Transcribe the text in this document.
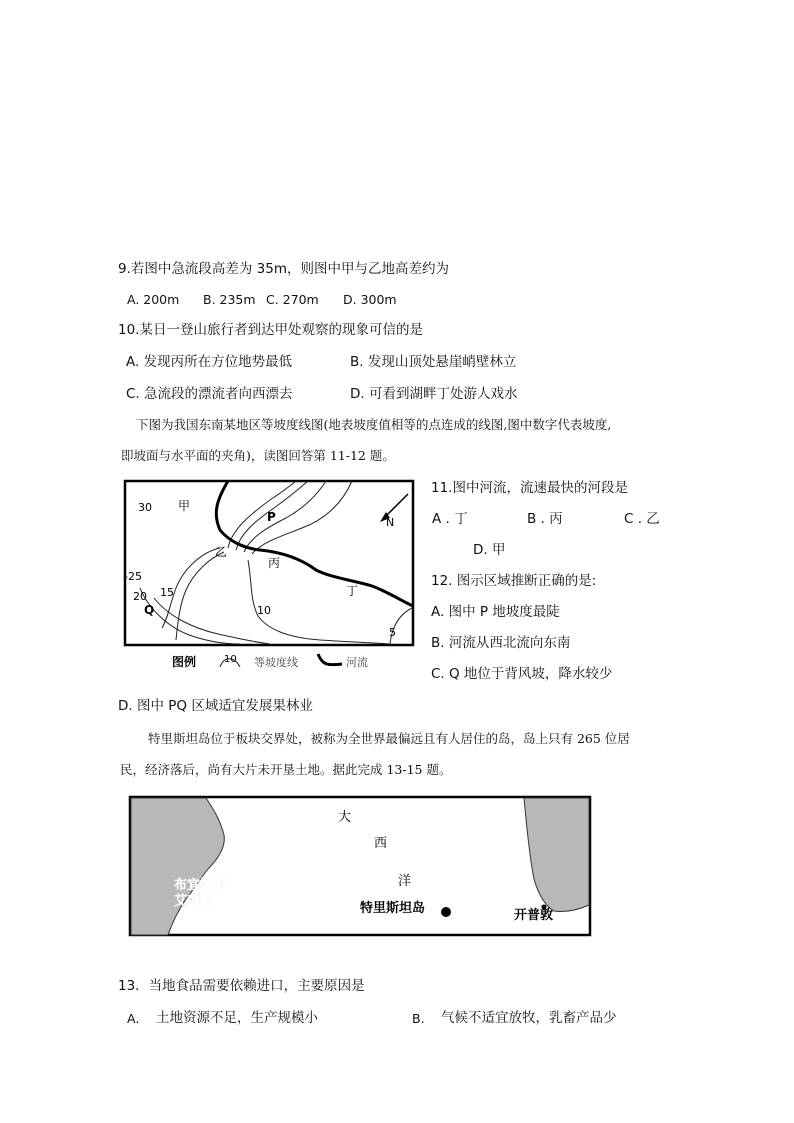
9.若图中急流段高差为 35m，则图中甲与乙地高差约为
A. 200m B. 235m C. 270m D. 300m
10.某日一登山旅行者到达甲处观察的现象可信的是
A. 发现丙所在方位地势最低	B. 发现山顶处悬崖峭壁林立
C. 急流段的漂流者向西漂去	D. 可看到湖畔丁处游人戏水
下图为我国东南某地区等坡度线图(地表坡度值相等的点连成的线图,图中数字代表坡度,
即坡面与水平面的夹角)，读图回答第 11-12 题。
30 甲
P
乙
丙
丁
N
-25
20
Q
15
10
5
图例	10 等坡度线	河流
11.图中河流，流速最快的河段是
A . 丁	B . 丙	C . 乙
D. 甲
12. 图示区域推断正确的是:
A. 图中 P 地坡度最陡
B. 河流从西北流向东南
C. Q 地位于背风坡，降水较少
D. 图中 PQ 区域适宜发展果林业
特里斯坦岛位于板块交界处，被称为全世界最偏远且有人居住的岛，岛上只有 265 位居
民，经济落后，尚有大片未开垦土地。据此完成 13-15 题。
大
西
洋
布宜诺斯
艾利斯	特里斯坦岛	开普敦
13．当地食品需要依赖进口，主要原因是
A. 土地资源不足，生产规模小	B. 气候不适宜放牧，乳畜产品少
